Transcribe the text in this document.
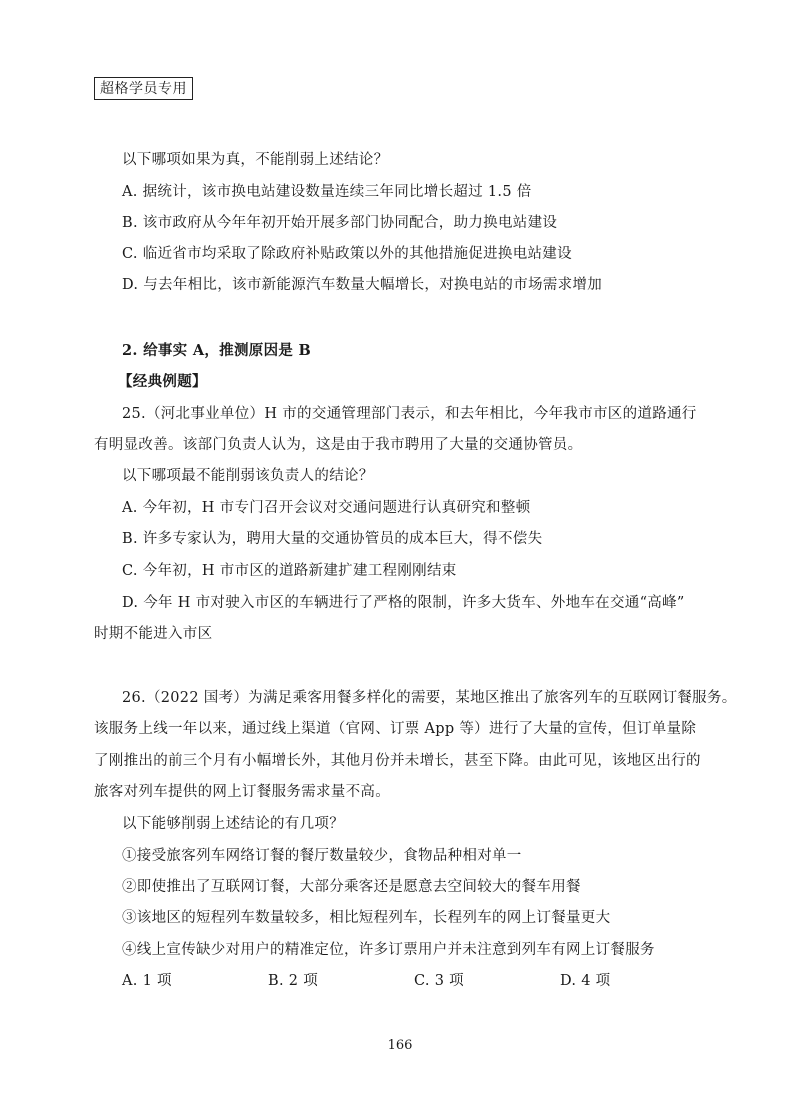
超格学员专用
以下哪项如果为真，不能削弱上述结论？
A. 据统计，该市换电站建设数量连续三年同比增长超过 1.5 倍
B. 该市政府从今年年初开始开展多部门协同配合，助力换电站建设
C. 临近省市均采取了除政府补贴政策以外的其他措施促进换电站建设
D. 与去年相比，该市新能源汽车数量大幅增长，对换电站的市场需求增加
2. 给事实 A，推测原因是 B
【经典例题】
25.（河北事业单位）H 市的交通管理部门表示，和去年相比，今年我市市区的道路通行
有明显改善。该部门负责人认为，这是由于我市聘用了大量的交通协管员。
以下哪项最不能削弱该负责人的结论？
A. 今年初，H 市专门召开会议对交通问题进行认真研究和整顿
B. 许多专家认为，聘用大量的交通协管员的成本巨大，得不偿失
C. 今年初，H 市市区的道路新建扩建工程刚刚结束
D. 今年 H 市对驶入市区的车辆进行了严格的限制，许多大货车、外地车在交通“高峰”
时期不能进入市区
26.（2022 国考）为满足乘客用餐多样化的需要，某地区推出了旅客列车的互联网订餐服务。
该服务上线一年以来，通过线上渠道（官网、订票 App 等）进行了大量的宣传，但订单量除
了刚推出的前三个月有小幅增长外，其他月份并未增长，甚至下降。由此可见，该地区出行的
旅客对列车提供的网上订餐服务需求量不高。
以下能够削弱上述结论的有几项？
①接受旅客列车网络订餐的餐厅数量较少，食物品种相对单一
②即使推出了互联网订餐，大部分乘客还是愿意去空间较大的餐车用餐
③该地区的短程列车数量较多，相比短程列车，长程列车的网上订餐量更大
④线上宣传缺少对用户的精准定位，许多订票用户并未注意到列车有网上订餐服务
A. 1 项	B. 2 项	C. 3 项	D. 4 项
166
